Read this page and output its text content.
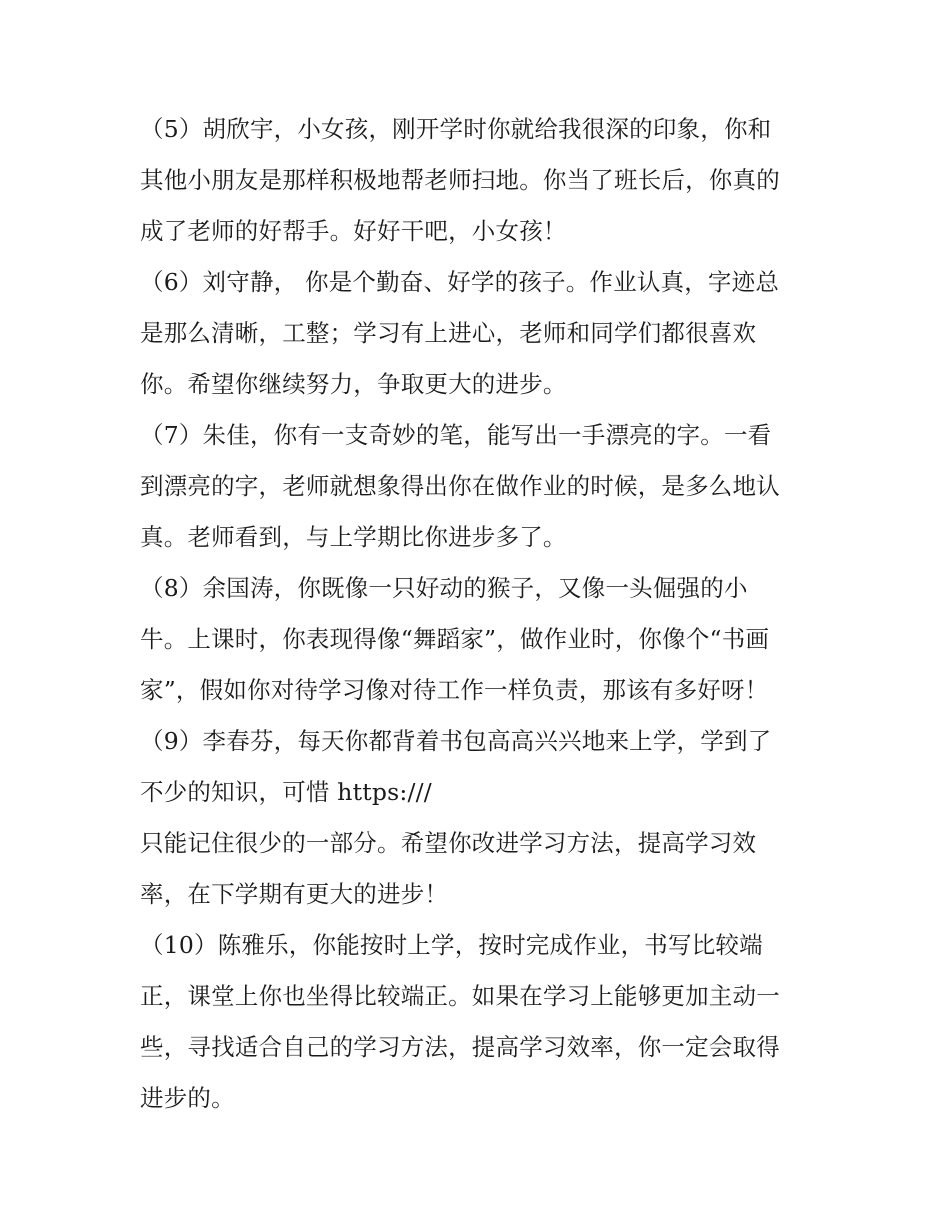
（5）胡欣宇，小女孩，刚开学时你就给我很深的印象，你和
其他小朋友是那样积极地帮老师扫地。你当了班长后，你真的
成了老师的好帮手。好好干吧，小女孩！
（6）刘守静， 你是个勤奋、好学的孩子。作业认真，字迹总
是那么清晰，工整；学习有上进心，老师和同学们都很喜欢
你。希望你继续努力，争取更大的进步。
（7）朱佳，你有一支奇妙的笔，能写出一手漂亮的字。一看
到漂亮的字，老师就想象得出你在做作业的时候，是多么地认
真。老师看到，与上学期比你进步多了。
（8）余国涛，你既像一只好动的猴子，又像一头倔强的小
牛。上课时，你表现得像“舞蹈家”，做作业时，你像个“书画
家”，假如你对待学习像对待工作一样负责，那该有多好呀！
（9）李春芬，每天你都背着书包高高兴兴地来上学，学到了
不少的知识，可惜 https:///
只能记住很少的一部分。希望你改进学习方法，提高学习效
率，在下学期有更大的进步！
（10）陈雅乐，你能按时上学，按时完成作业，书写比较端
正，课堂上你也坐得比较端正。如果在学习上能够更加主动一
些，寻找适合自己的学习方法，提高学习效率，你一定会取得
进步的。
